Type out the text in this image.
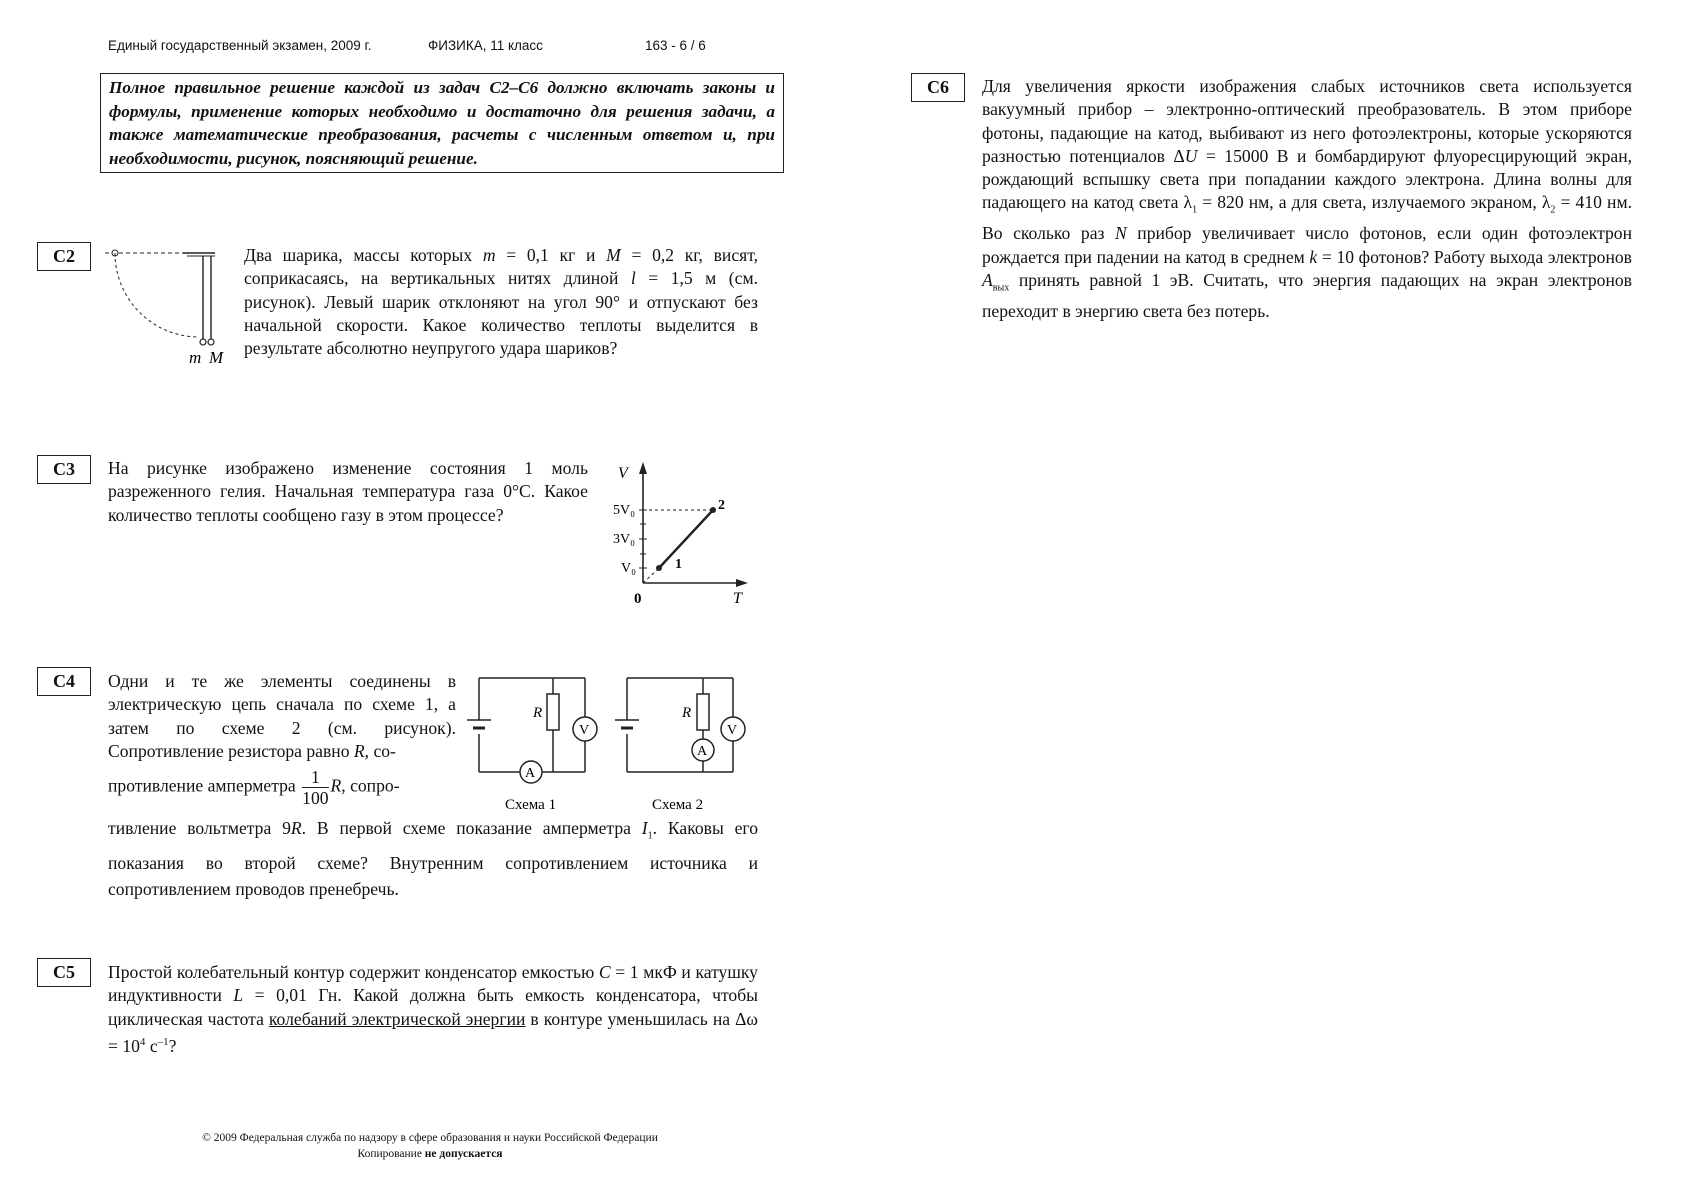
Единый государственный экзамен, 2009 г.	ФИЗИКА, 11 класс	163 - 6 / 6
Полное правильное решение каждой из задач C2–C6 должно включать законы и формулы, применение которых необходимо и достаточно для решения задачи, а также математические преобразования, расчеты с численным ответом и, при необходимости, рисунок, поясняющий решение.
C2
m M
Два шарика, массы которых m = 0,1 кг и M = 0,2 кг, висят, соприкасаясь, на вертикальных нитях длиной l = 1,5 м (см. рисунок). Левый шарик отклоняют на угол 90° и отпускают без начальной скорости. Какое количество теплоты выделится в результате абсолютно неупругого удара шариков?
C3	На рисунке изображено изменение состояния 1 моль разреженного гелия. Начальная температура газа 0°С. Какое количество теплоты сообщено газу в этом процессе?
V
T
0
5V₀
3V₀
V₀	1
2
C4	Одни и те же элементы соединены в электрическую цепь сначала по схеме 1, а затем по схеме 2 (см. рисунок). Сопротивление резистора равно R, со-
противление амперметра $\frac{1}{100} R$, сопро-
тивление вольтметра 9R. В первой схеме показание амперметра $I_1$. Каковы его показания во второй схеме? Внутренним сопротивлением источника и сопротивлением проводов пренебречь.
A
R
V
Схема 1
A
R
V
Схема 2
C5	Простой колебательный контур содержит конденсатор емкостью С = 1 мкФ и катушку индуктивности L = 0,01 Гн. Какой должна быть емкость конденсатора, чтобы циклическая частота колебаний электрической энергии в контуре уменьшилась на $\Delta\omega = 10^4$ $с^{-1}$?
C6	Для увеличения яркости изображения слабых источников света используется вакуумный прибор – электронно-оптический преобразователь. В этом приборе фотоны, падающие на катод, выбивают из него фотоэлектроны, которые ускоряются разностью потенциалов ΔU = 15000 В и бомбардируют флуоресцирующий экран, рождающий вспышку света при попадании каждого электрона. Длина волны для падающего на катод света $\lambda_1 = 820$ нм, а для света, излучаемого экраном, $\lambda_2 = 410$ нм. Во сколько раз N прибор увеличивает число фотонов, если один фотоэлектрон рождается при падении на катод в среднем k = 10 фотонов? Работу выхода электронов $A_{вых}$ принять равной 1 эВ. Считать, что энергия падающих на экран электронов переходит в энергию света без потерь.
© 2009 Федеральная служба по надзору в сфере образования и науки Российской Федерации
Копирование не допускается
